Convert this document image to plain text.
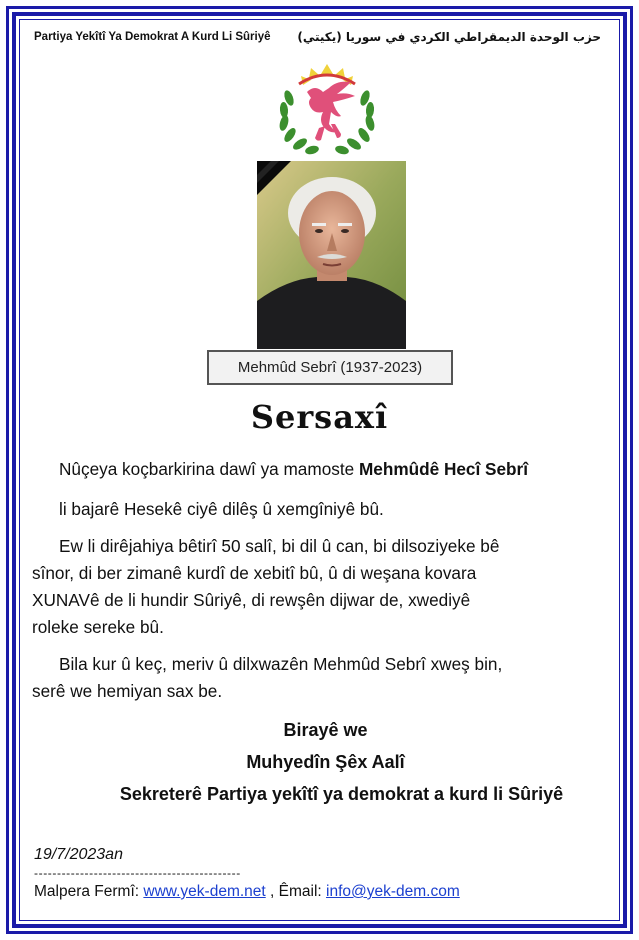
Partiya Yekîtî Ya Demokrat A Kurd Li Sûriyê حزب الوحدة الديمقراطي الكردي في سوريا (يكيتي)
Mehmûd Sebrî (1937-2023)
Sersaxî
Nûçeya koçbarkirina dawî ya mamoste Mehmûdê Hecî Sebrî
li bajarê Hesekê ciyê dilêş û xemgîniyê bû.
Ew li dirêjahiya bêtirî 50 salî, bi dil û can, bi dilsoziyeke bê
sînor, di ber zimanê kurdî de xebitî bû, û di weşana kovara
XUNAVê de li hundir Sûriyê, di rewşên dijwar de, xwediyê
roleke sereke bû.
Bila kur û keç, meriv û dilxwazên Mehmûd Sebrî xweş bin,
serê we hemiyan sax be.
Birayê we
Muhyedîn Şêx Aalî
Sekreterê Partiya yekîtî ya demokrat a kurd li Sûriyê
19/7/2023an
---------------------------------------------
Malpera Fermî: www.yek-dem.net , Êmail: info@yek-dem.com
